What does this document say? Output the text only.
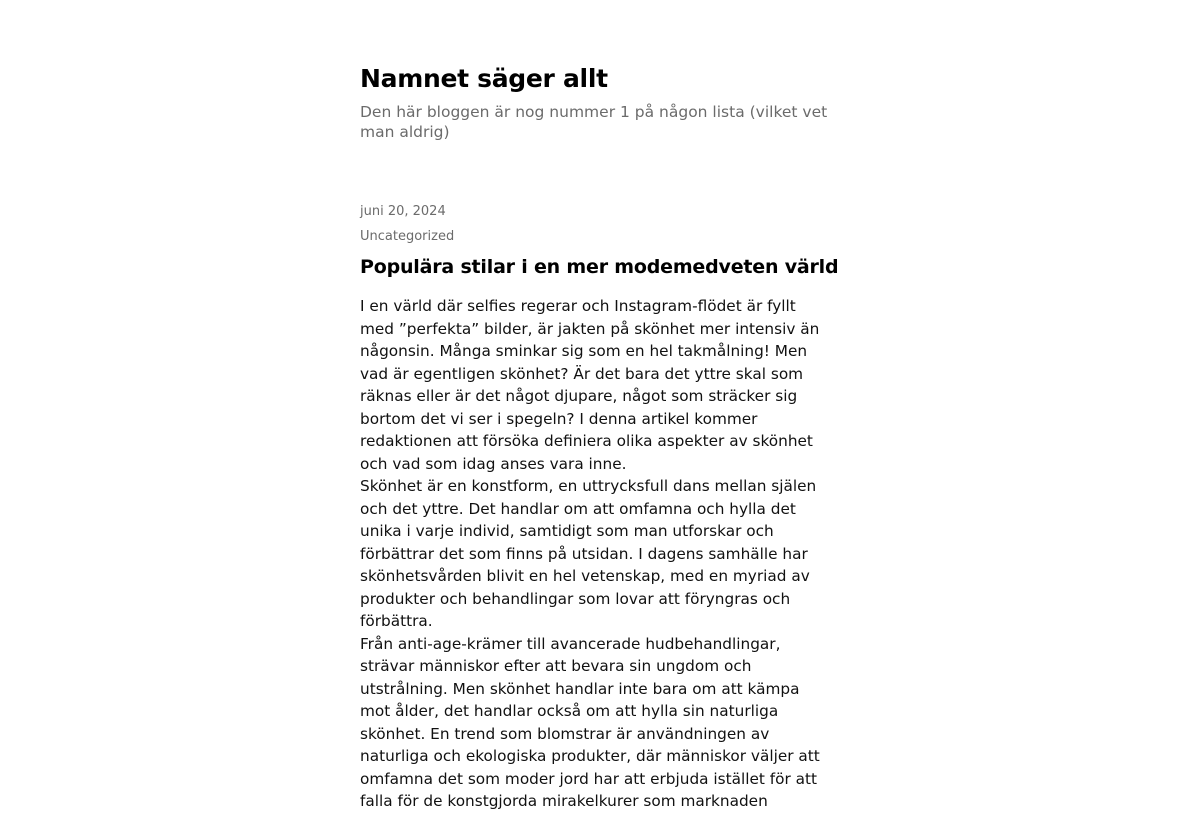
Namnet säger allt

Den här bloggen är nog nummer 1 på någon lista (vilket vet man aldrig)

juni 20, 2024
Uncategorized
Populära stilar i en mer modemedveten värld

I en värld där selfies regerar och Instagram-flödet är fyllt med ”perfekta” bilder, är jakten på skönhet mer intensiv än någonsin. Många sminkar sig som en hel takmålning! Men vad är egentligen skönhet? Är det bara det yttre skal som räknas eller är det något djupare, något som sträcker sig bortom det vi ser i spegeln? I denna artikel kommer redaktionen att försöka definiera olika aspekter av skönhet och vad som idag anses vara inne.

Skönhet är en konstform, en uttrycksfull dans mellan själen och det yttre. Det handlar om att omfamna och hylla det unika i varje individ, samtidigt som man utforskar och förbättrar det som finns på utsidan. I dagens samhälle har skönhetsvården blivit en hel vetenskap, med en myriad av produkter och behandlingar som lovar att föryngras och förbättra.

Från anti-age-krämer till avancerade hudbehandlingar, strävar människor efter att bevara sin ungdom och utstrålning. Men skönhet handlar inte bara om att kämpa mot ålder, det handlar också om att hylla sin naturliga skönhet. En trend som blomstrar är användningen av naturliga och ekologiska produkter, där människor väljer att omfamna det som moder jord har att erbjuda istället för att falla för de konstgjorda mirakelkurer som marknaden
